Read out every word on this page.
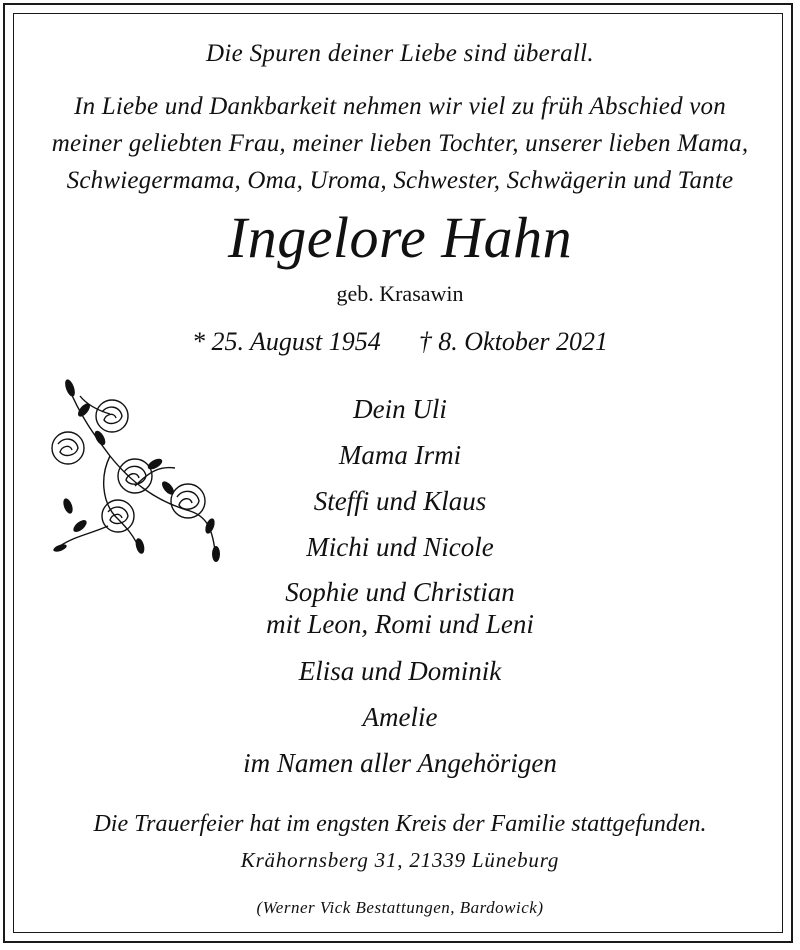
Die Spuren deiner Liebe sind überall.
In Liebe und Dankbarkeit nehmen wir viel zu früh Abschied von
meiner geliebten Frau, meiner lieben Tochter, unserer lieben Mama,
Schwiegermama, Oma, Uroma, Schwester, Schwägerin und Tante
Ingelore Hahn
geb. Krasawin
* 25. August 1954 † 8. Oktober 2021
Dein Uli
Mama Irmi
Steffi und Klaus
Michi und Nicole
Sophie und Christian
mit Leon, Romi und Leni
Elisa und Dominik
Amelie
im Namen aller Angehörigen
Die Trauerfeier hat im engsten Kreis der Familie stattgefunden.
Krähornsberg 31, 21339 Lüneburg
(Werner Vick Bestattungen, Bardowick)
